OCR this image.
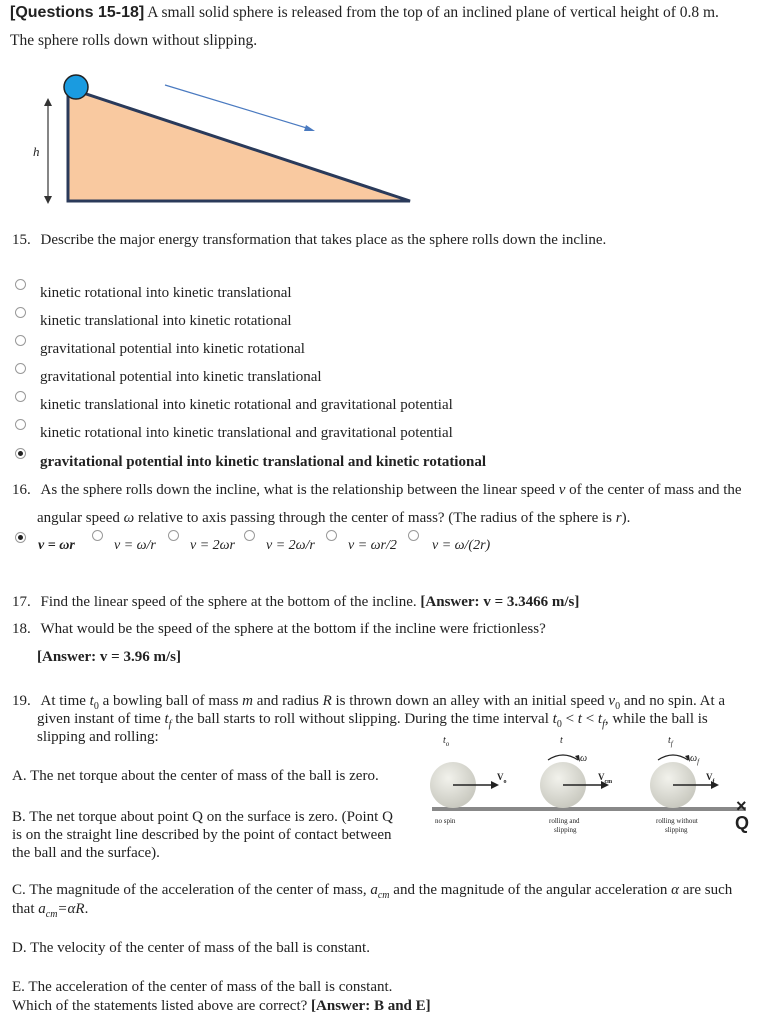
[Questions 15-18] A small solid sphere is released from the top of an inclined plane of vertical height of 0.8 m.
The sphere rolls down without slipping.
h
15. Describe the major energy transformation that takes place as the sphere rolls down the incline.
kinetic rotational into kinetic translational
kinetic translational into kinetic rotational
gravitational potential into kinetic rotational
gravitational potential into kinetic translational
kinetic translational into kinetic rotational and gravitational potential
kinetic rotational into kinetic translational and gravitational potential
gravitational potential into kinetic translational and kinetic rotational
16. As the sphere rolls down the incline, what is the relationship between the linear speed v of the center of mass and the
angular speed ω relative to axis passing through the center of mass? (The radius of the sphere is r).
v = ωr	v = ω/r v = 2ωr v = 2ω/r v = ωr/2	v = ω/(2r)
17. Find the linear speed of the sphere at the bottom of the incline. [Answer: v = 3.3466 m/s]
18. What would be the speed of the sphere at the bottom if the incline were frictionless?
[Answer: v = 3.96 m/s]
19. At time $t_0$ a bowling ball of mass m and radius R is thrown down an alley with an initial speed $v_0$ and no spin. At a
given instant of time $t_f$ the ball starts to roll without slipping. During the time interval $t_0 < t < t_f$, while the ball is
slipping and rolling:
A. The net torque about the center of mass of the ball is zero.
B. The net torque about point Q on the surface is zero. (Point Q
is on the straight line described by the point of contact between
the ball and the surface).
C. The magnitude of the acceleration of the center of mass, $a_{cm}$ and the magnitude of the angular acceleration α are such
that $a_{cm}=\alpha R$.
D. The velocity of the center of mass of the ball is constant.
E. The acceleration of the center of mass of the ball is constant.
Which of the statements listed above are correct? [Answer: B and E]
$t_o$	t	$t_f$
ω	$\omega_f$
$V_o$	$V_{cm}$	$V_f$
no spin	rolling and
slipping
rolling without
slipping
×
Q
